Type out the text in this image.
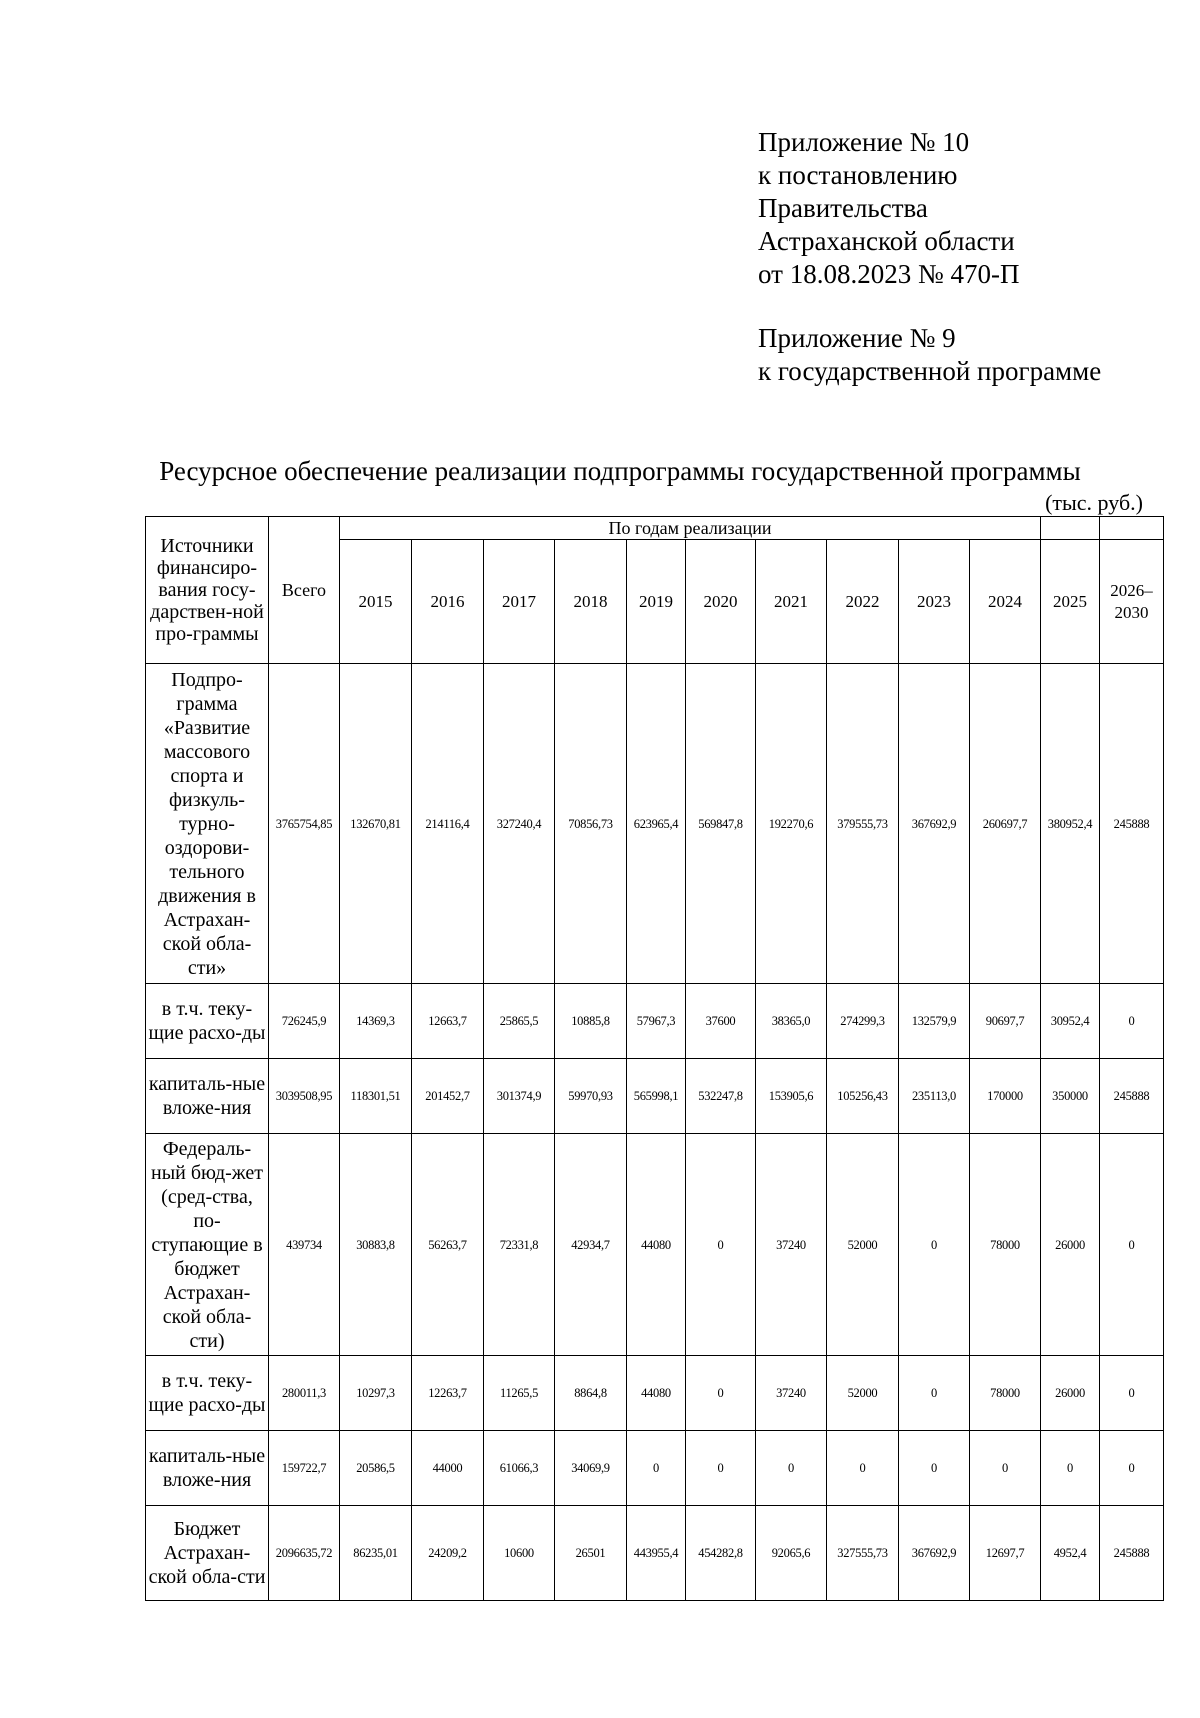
Приложение № 10
к постановлению
Правительства
Астраханской области
от 18.08.2023 № 470-П
Приложение № 9
к государственной программе
Ресурсное обеспечение реализации подпрограммы государственной программы
(тыс. руб.)
Источники финансиро-вания госу-дарствен-ной про-граммы	Всего	По годам реализации											
		2015	2016	2017	2018	2019	2020	2021	2022	2023	2024	2025	2026–2030
Подпро-грамма «Развитие массового спорта и физкуль-турно-оздорови-тельного движения в Астрахан-ской обла-сти»	3765754,85	132670,81	214116,4	327240,4	70856,73	623965,4	569847,8	192270,6	379555,73	367692,9	260697,7	380952,4	245888
в т.ч. теку-щие расхо-ды	726245,9	14369,3	12663,7	25865,5	10885,8	57967,3	37600	38365,0	274299,3	132579,9	90697,7	30952,4	0
капиталь-ные вложе-ния	3039508,95	118301,51	201452,7	301374,9	59970,93	565998,1	532247,8	153905,6	105256,43	235113,0	170000	350000	245888
Федераль-ный бюд-жет (сред-ства, по-ступающие в бюджет Астрахан-ской обла-сти)	439734	30883,8	56263,7	72331,8	42934,7	44080	0	37240	52000	0	78000	26000	0
в т.ч. теку-щие расхо-ды	280011,3	10297,3	12263,7	11265,5	8864,8	44080	0	37240	52000	0	78000	26000	0
капиталь-ные вложе-ния	159722,7	20586,5	44000	61066,3	34069,9	0	0	0	0	0	0	0	0
Бюджет Астрахан-ской обла-сти	2096635,72	86235,01	24209,2	10600	26501	443955,4	454282,8	92065,6	327555,73	367692,9	12697,7	4952,4	245888
